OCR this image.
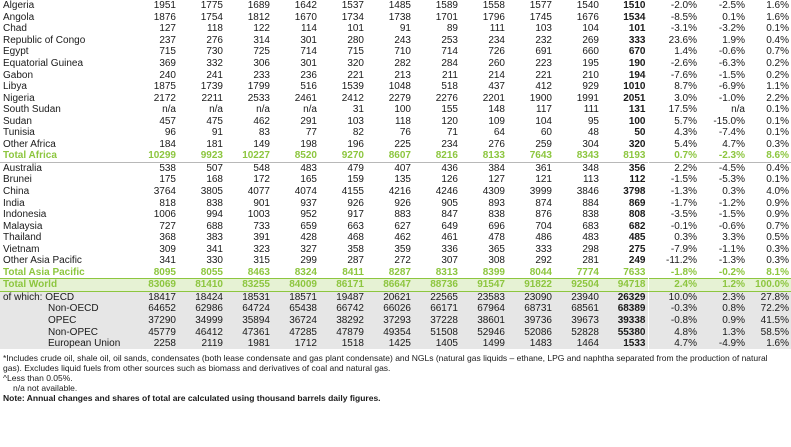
Algeria	1951	1775	1689	1642	1537	1485	1589	1558	1577	1540	1510	-2.0%	-2.5%	1.6%
Angola	1876	1754	1812	1670	1734	1738	1701	1796	1745	1676	1534	-8.5%	0.1%	1.6%
Chad	127	118	122	114	101	91	89	111	103	104	101	-3.1%	-3.2%	0.1%
Republic of Congo	237	276	314	301	280	243	253	234	232	269	333	23.6%	1.9%	0.4%
Egypt	715	730	725	714	715	710	714	726	691	660	670	1.4%	-0.6%	0.7%
Equatorial Guinea	369	332	306	301	320	282	284	260	223	195	190	-2.6%	-6.3%	0.2%
Gabon	240	241	233	236	221	213	211	214	221	210	194	-7.6%	-1.5%	0.2%
Libya	1875	1739	1799	516	1539	1048	518	437	412	929	1010	8.7%	-6.9%	1.1%
Nigeria	2172	2211	2533	2461	2412	2279	2276	2201	1900	1991	2051	3.0%	-1.0%	2.2%
South Sudan	n/a	n/a	n/a	n/a	31	100	155	148	117	111	131	17.5%	n/a	0.1%
Sudan	457	475	462	291	103	118	120	109	104	95	100	5.7%	-15.0%	0.1%
Tunisia	96	91	83	77	82	76	71	64	60	48	50	4.3%	-7.4%	0.1%
Other Africa	184	181	149	198	196	225	234	276	259	304	320	5.4%	4.7%	0.3%
Total Africa	10299	9923	10227	8520	9270	8607	8216	8133	7643	8343	8193	0.7%	-2.3%	8.6%
Australia	538	507	548	483	479	407	436	384	361	348	356	2.2%	-4.5%	0.4%
Brunei	175	168	172	165	159	135	126	127	121	113	112	-1.5%	-5.3%	0.1%
China	3764	3805	4077	4074	4155	4216	4246	4309	3999	3846	3798	-1.3%	0.3%	4.0%
India	818	838	901	937	926	926	905	893	874	884	869	-1.7%	-1.2%	0.9%
Indonesia	1006	994	1003	952	917	883	847	838	876	838	808	-3.5%	-1.5%	0.9%
Malaysia	727	688	733	659	663	627	649	696	704	683	682	-0.1%	-0.6%	0.7%
Thailand	368	383	391	428	468	462	461	478	486	483	485	0.3%	3.3%	0.5%
Vietnam	309	341	323	327	358	359	336	365	333	298	275	-7.9%	-1.1%	0.3%
Other Asia Pacific	341	330	315	299	287	272	307	308	292	281	249	-11.2%	-1.3%	0.3%
Total Asia Pacific	8095	8055	8463	8324	8411	8287	8313	8399	8044	7774	7633	-1.8%	-0.2%	8.1%
Total World	83069	81410	83255	84009	86171	86647	88736	91547	91822	92504	94718	2.4%	1.2%	100.0%
of which: OECD	18417	18424	18531	18571	19487	20621	22565	23583	23090	23940	26329	10.0%	2.3%	27.8%
Non-OECD	64652	62986	64724	65438	66742	66026	66171	67964	68731	68561	68389	-0.3%	0.8%	72.2%
OPEC	37290	34999	35894	36724	38292	37293	37228	38601	39736	39673	39338	-0.8%	0.9%	41.5%
Non-OPEC	45779	46412	47361	47285	47879	49354	51508	52946	52086	52828	55380	4.8%	1.3%	58.5%
European Union	2258	2119	1981	1712	1518	1425	1405	1499	1483	1464	1533	4.7%	-4.9%	1.6%

*Includes crude oil, shale oil, oil sands, condensates (both lease condensate and gas plant condensate) and NGLs (natural gas liquids – ethane, LPG and naphtha separated from the production of natural gas). Excludes liquid fuels from other sources such as biomass and derivatives of coal and natural gas.

^Less than 0.05%.

n/a not available.

Note: Annual changes and shares of total are calculated using thousand barrels daily figures.
